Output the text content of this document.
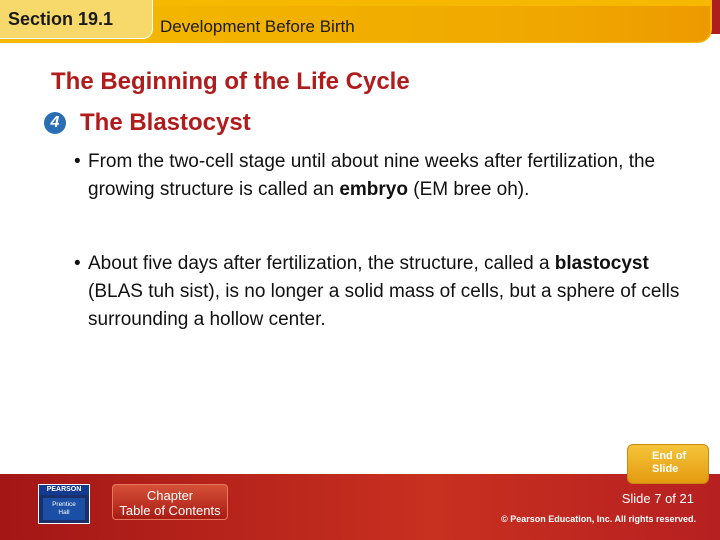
Section 19.1	Development Before Birth
The Beginning of the Life Cycle
4 The Blastocyst
• From the two-cell stage until about nine weeks after fertilization, the growing structure is called an embryo (EM bree oh).
• About five days after fertilization, the structure, called a blastocyst (BLAS tuh sist), is no longer a solid mass of cells, but a sphere of cells surrounding a hollow center.
End of
Slide
PEARSON
Prentice
Hall
Chapter
Table of Contents
Slide 7 of 21
© Pearson Education, Inc. All rights reserved.
